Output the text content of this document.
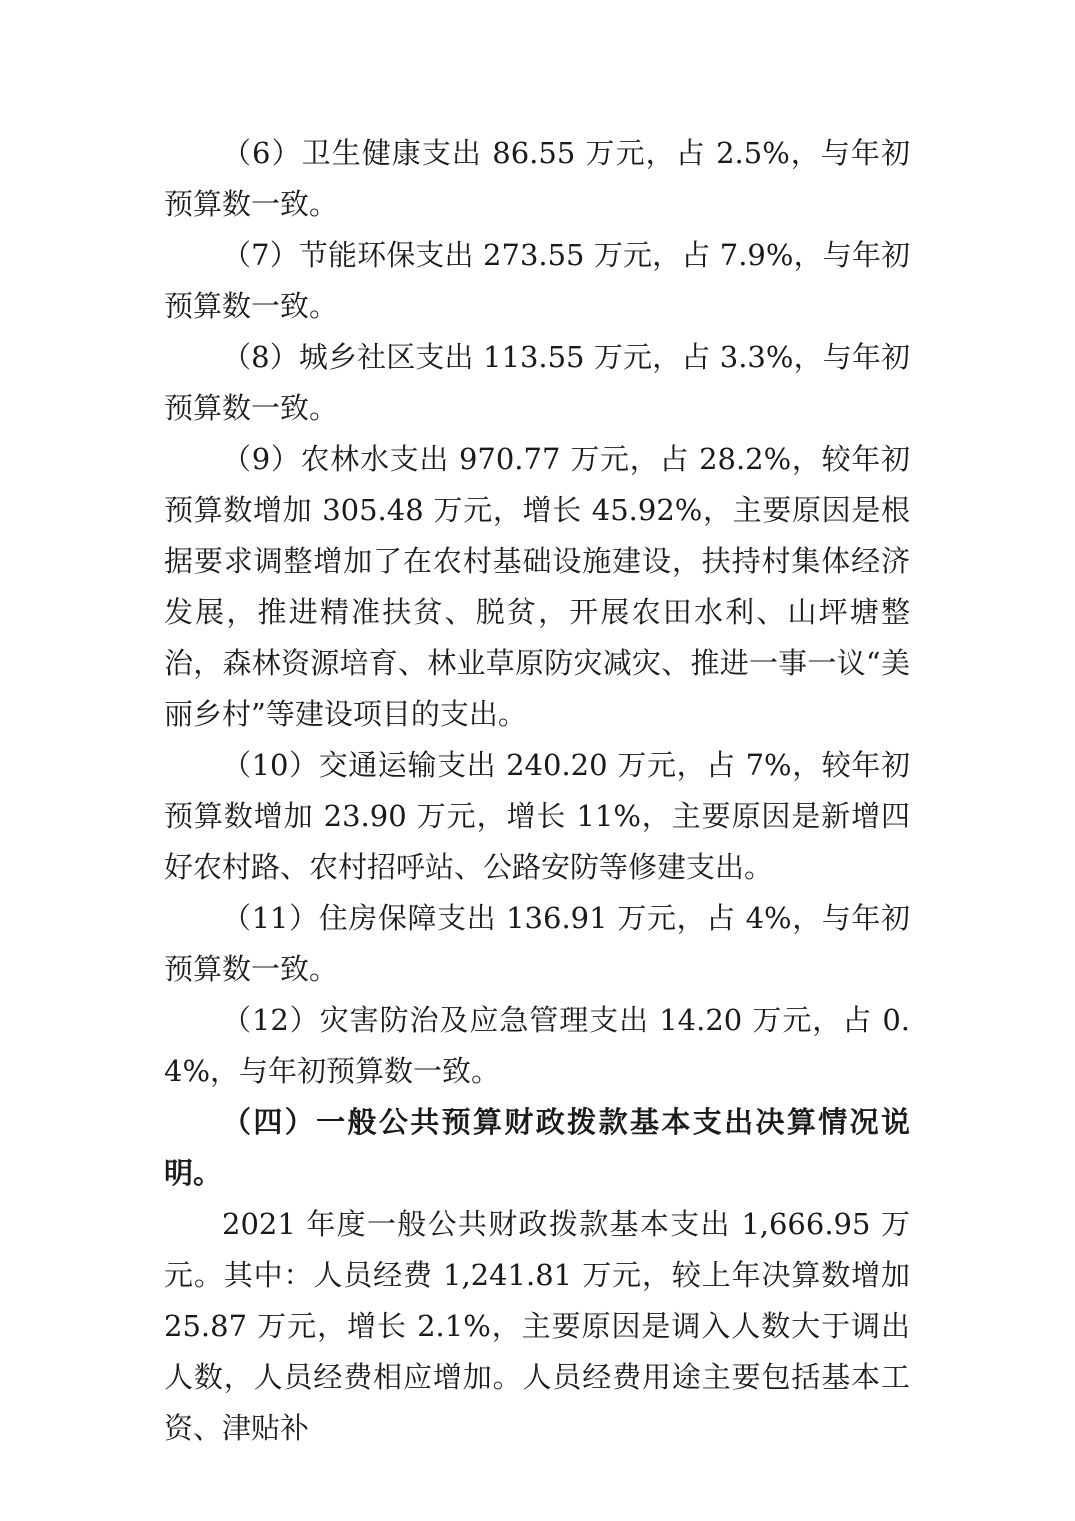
（6）卫生健康支出 86.55 万元，占 2.5%，与年初预算数一致。

（7）节能环保支出 273.55 万元，占 7.9%，与年初预算数一致。

（8）城乡社区支出 113.55 万元，占 3.3%，与年初预算数一致。

（9）农林水支出 970.77 万元，占 28.2%，较年初预算数增加 305.48 万元，增长 45.92%，主要原因是根据要求调整增加了在农村基础设施建设，扶持村集体经济发展，推进精准扶贫、脱贫，开展农田水利、山坪塘整治，森林资源培育、林业草原防灾减灾、推进一事一议“美丽乡村”等建设项目的支出。

（10）交通运输支出 240.20 万元，占 7%，较年初预算数增加 23.90 万元，增长 11%，主要原因是新增四好农村路、农村招呼站、公路安防等修建支出。

（11）住房保障支出 136.91 万元，占 4%，与年初预算数一致。

（12）灾害防治及应急管理支出 14.20 万元，占 0.4%，与年初预算数一致。

（四）一般公共预算财政拨款基本支出决算情况说明。

2021 年度一般公共财政拨款基本支出 1,666.95 万元。其中：人员经费 1,241.81 万元，较上年决算数增加 25.87 万元，增长 2.1%，主要原因是调入人数大于调出人数，人员经费相应增加。人员经费用途主要包括基本工资、津贴补
